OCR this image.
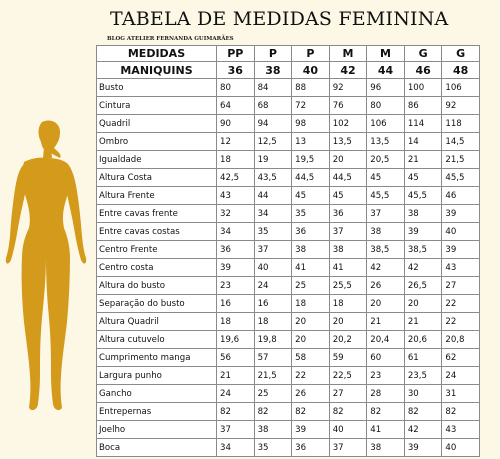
TABELA DE MEDIDAS FEMININA
BLOG ATELIER FERNANDA GUIMARÃES
MEDIDAS	PP	P	P	M	M	G	G
MANIQUINS	36	38	40	42	44	46	48
Busto	80	84	88	92	96	100	106
Cintura	64	68	72	76	80	86	92
Quadril	90	94	98	102	106	114	118
Ombro	12	12,5	13	13,5	13,5	14	14,5
Igualdade	18	19	19,5	20	20,5	21	21,5
Altura Costa	42,5	43,5	44,5	44,5	45	45	45,5
Altura Frente	43	44	45	45	45,5	45,5	46
Entre cavas frente	32	34	35	36	37	38	39
Entre cavas costas	34	35	36	37	38	39	40
Centro Frente	36	37	38	38	38,5	38,5	39
Centro costa	39	40	41	41	42	42	43
Altura do busto	23	24	25	25,5	26	26,5	27
Separação do busto	16	16	18	18	20	20	22
Altura Quadril	18	18	20	20	21	21	22
Altura cutuvelo	19,6	19,8	20	20,2	20,4	20,6	20,8
Cumprimento manga	56	57	58	59	60	61	62
Largura punho	21	21,5	22	22,5	23	23,5	24
Gancho	24	25	26	27	28	30	31
Entrepernas	82	82	82	82	82	82	82
Joelho	37	38	39	40	41	42	43
Boca	34	35	36	37	38	39	40
